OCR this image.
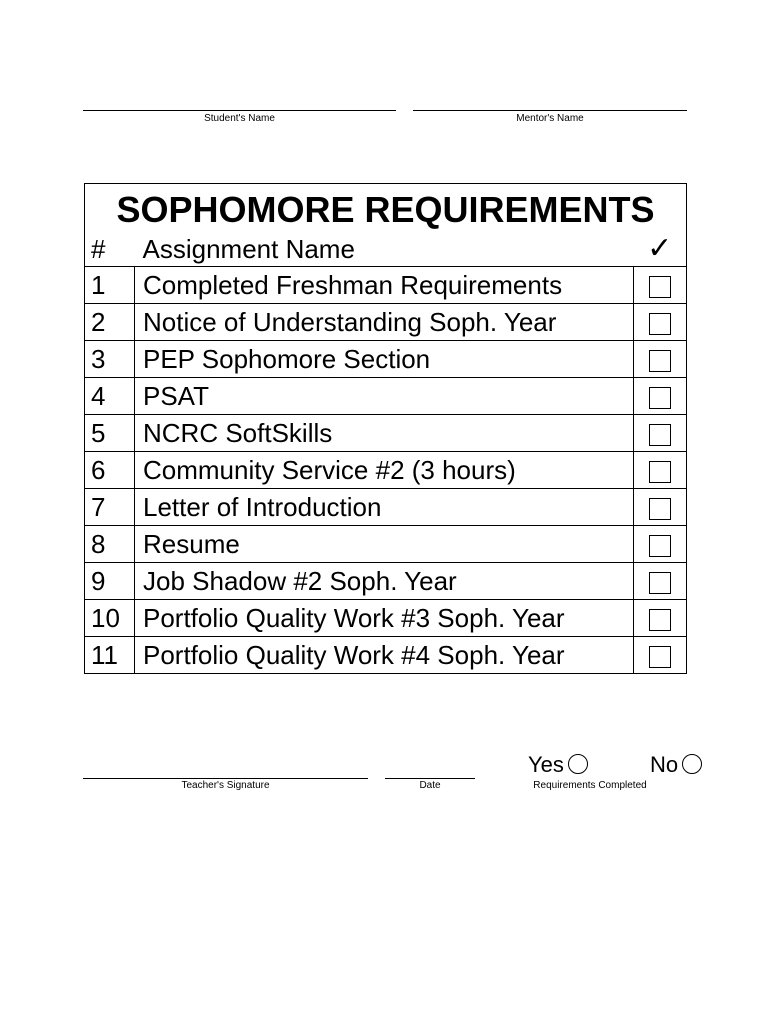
Student's Name	Mentor's Name
SOPHOMORE REQUIREMENTS		
#	Assignment Name	✓
1	Completed Freshman Requirements	
2	Notice of Understanding Soph. Year	
3	PEP Sophomore Section	
4	PSAT	
5	NCRC SoftSkills	
6	Community Service #2 (3 hours)	
7	Letter of Introduction	
8	Resume	
9	Job Shadow #2 Soph. Year	
10	Portfolio Quality Work #3 Soph. Year	
11	Portfolio Quality Work #4 Soph. Year	
Teacher's Signature	Date
Yes	No
Requirements Completed
